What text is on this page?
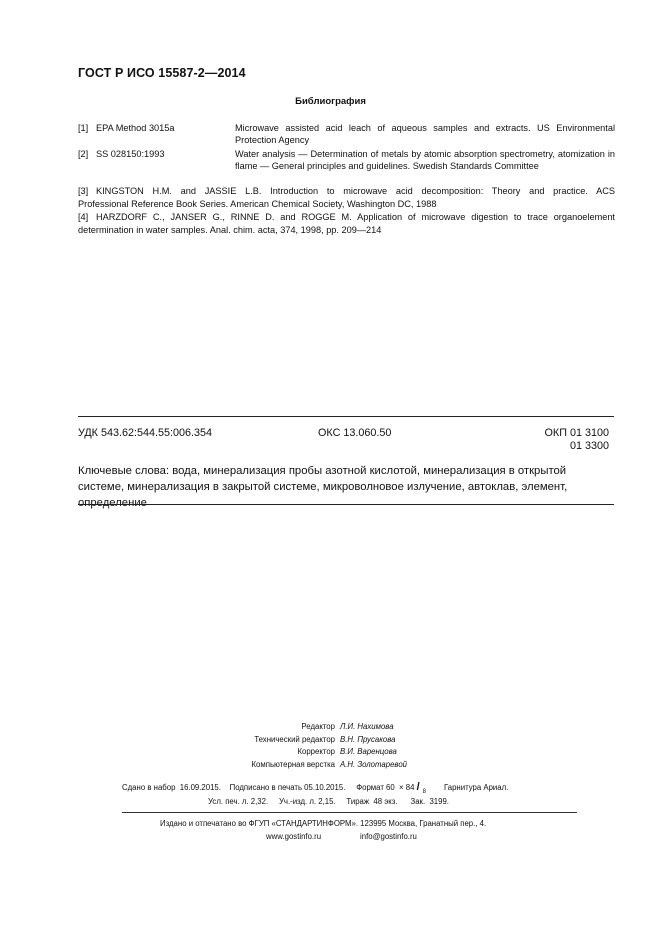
ГОСТ Р ИСО 15587-2—2014
Библиография
[1] EPA Method 3015a	Microwave assisted acid leach of aqueous samples and extracts. US Environmental Protection Agency
[2] SS 028150:1993	Water analysis — Determination of metals by atomic absorption spectrometry, atomization in flame — General principles and guidelines. Swedish Standards Committee
[3] KINGSTON H.M. and JASSIE L.B. Introduction to microwave acid decomposition: Theory and practice. ACS
Professional Reference Book Series. American Chemical Society, Washington DC, 1988
[4] HARZDORF C., JANSER G., RINNE D. and ROGGE M. Application of microwave digestion to trace organoelement
determination in water samples. Anal. chim. acta, 374, 1998, pp. 209—214
УДК 543.62:544.55:006.354	ОКС 13.060.50	ОКП 01 3100
01 3300
Ключевые слова: вода, минерализация пробы азотной кислотой, минерализация в открытой системе, минерализация в закрытой системе, микроволновое излучение, автоклав, элемент, определение
Редактор Л.И. Нахимова
Технический редактор В.Н. Прусакова
Корректор В.И. Варенцова
Компьютерная верстка А.Н. Золотаревой
Сдано в набор  16.09.2015.    Подписано в печать 05.10.2015.     Формат 60  × 84 / 8 Гарнитура Ариал.
Усл. печ. л. 2,32.     Уч.-изд. л. 2,15.     Тираж  48 экз.      Зак.  3199.
Издано и отпечатано во ФГУП «СТАНДАРТИНФОРМ». 123995 Москва, Гранатный пер., 4.
www.gostinfo.ru	info@gostinfo.ru
